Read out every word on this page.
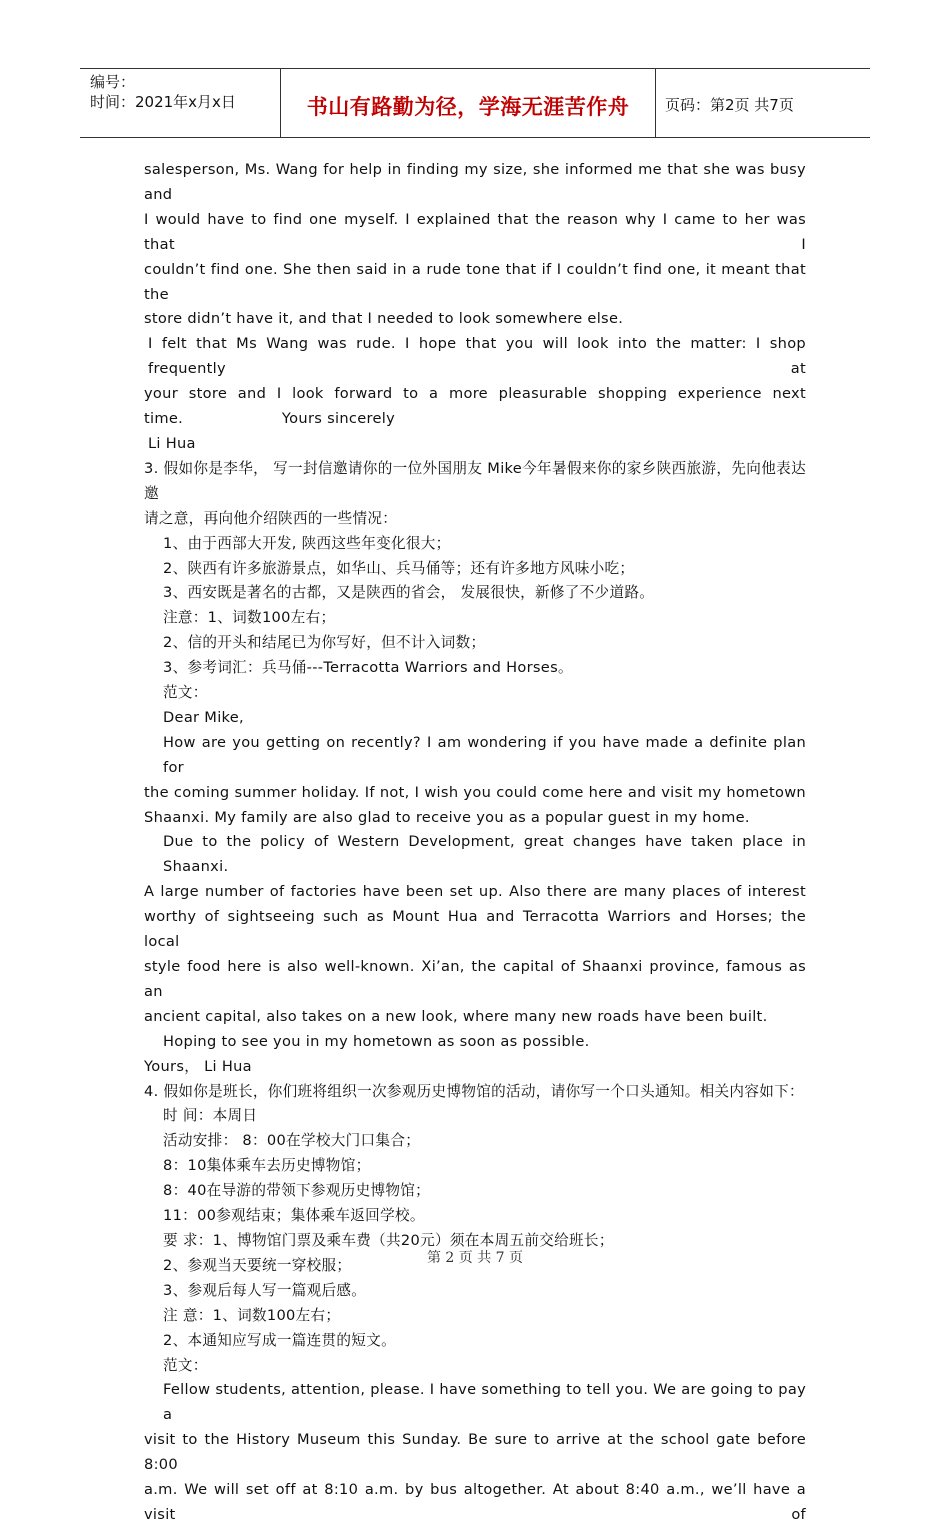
编号：
时间：2021年x月x日	书山有路勤为径，学海无涯苦作舟	页码：第2页 共7页

salesperson, Ms. Wang for help in finding my size, she informed me that she was busy and

I would have to find one myself. I explained that the reason why I came to her was that I

couldn’t find one. She then said in a rude tone that if I couldn’t find one, it meant that the

store didn’t have it, and that I needed to look somewhere else.

I felt that Ms Wang was rude. I hope that you will look into the matter: I shop frequently at

your store and I look forward to a more pleasurable shopping experience next

time.                    Yours sincerely

Li Hua

3. 假如你是李华， 写一封信邀请你的一位外国朋友 Mike今年暑假来你的家乡陕西旅游，先向他表达邀

请之意，再向他介绍陕西的一些情况：

1、由于西部大开发, 陕西这些年变化很大；

2、陕西有许多旅游景点，如华山、兵马俑等；还有许多地方风味小吃；

3、西安既是著名的古都，又是陕西的省会， 发展很快，新修了不少道路。

注意：1、词数100左右；

2、信的开头和结尾已为你写好，但不计入词数；

3、参考词汇：兵马俑---Terracotta Warriors and Horses。

范文：

Dear Mike,

How are you getting on recently? I am wondering if you have made a definite plan for

the coming summer holiday. If not, I wish you could come here and visit my hometown

Shaanxi. My family are also glad to receive you as a popular guest in my home.

Due to the policy of Western Development, great changes have taken place in Shaanxi.

A large number of factories have been set up. Also there are many places of interest

worthy of sightseeing such as Mount Hua and Terracotta Warriors and Horses; the local

style food here is also well-known. Xi’an, the capital of Shaanxi province, famous as an

ancient capital, also takes on a new look, where many new roads have been built.

Hoping to see you in my hometown as soon as possible.

Yours， Li Hua

4. 假如你是班长，你们班将组织一次参观历史博物馆的活动，请你写一个口头通知。相关内容如下：

时 间：本周日

活动安排： 8：00在学校大门口集合；

8：10集体乘车去历史博物馆；

8：40在导游的带领下参观历史博物馆；

11：00参观结束；集体乘车返回学校。

要 求：1、博物馆门票及乘车费（共20元）须在本周五前交给班长；

2、参观当天要统一穿校服；

3、参观后每人写一篇观后感。

注 意：1、词数100左右；

2、本通知应写成一篇连贯的短文。

范文：

Fellow students, attention, please. I have something to tell you. We are going to pay a

visit to the History Museum this Sunday. Be sure to arrive at the school gate before 8:00

a.m. We will set off at 8:10 a.m. by bus altogether. At about 8:40 a.m., we’ll have a visit of

第 2 页 共 7 页
